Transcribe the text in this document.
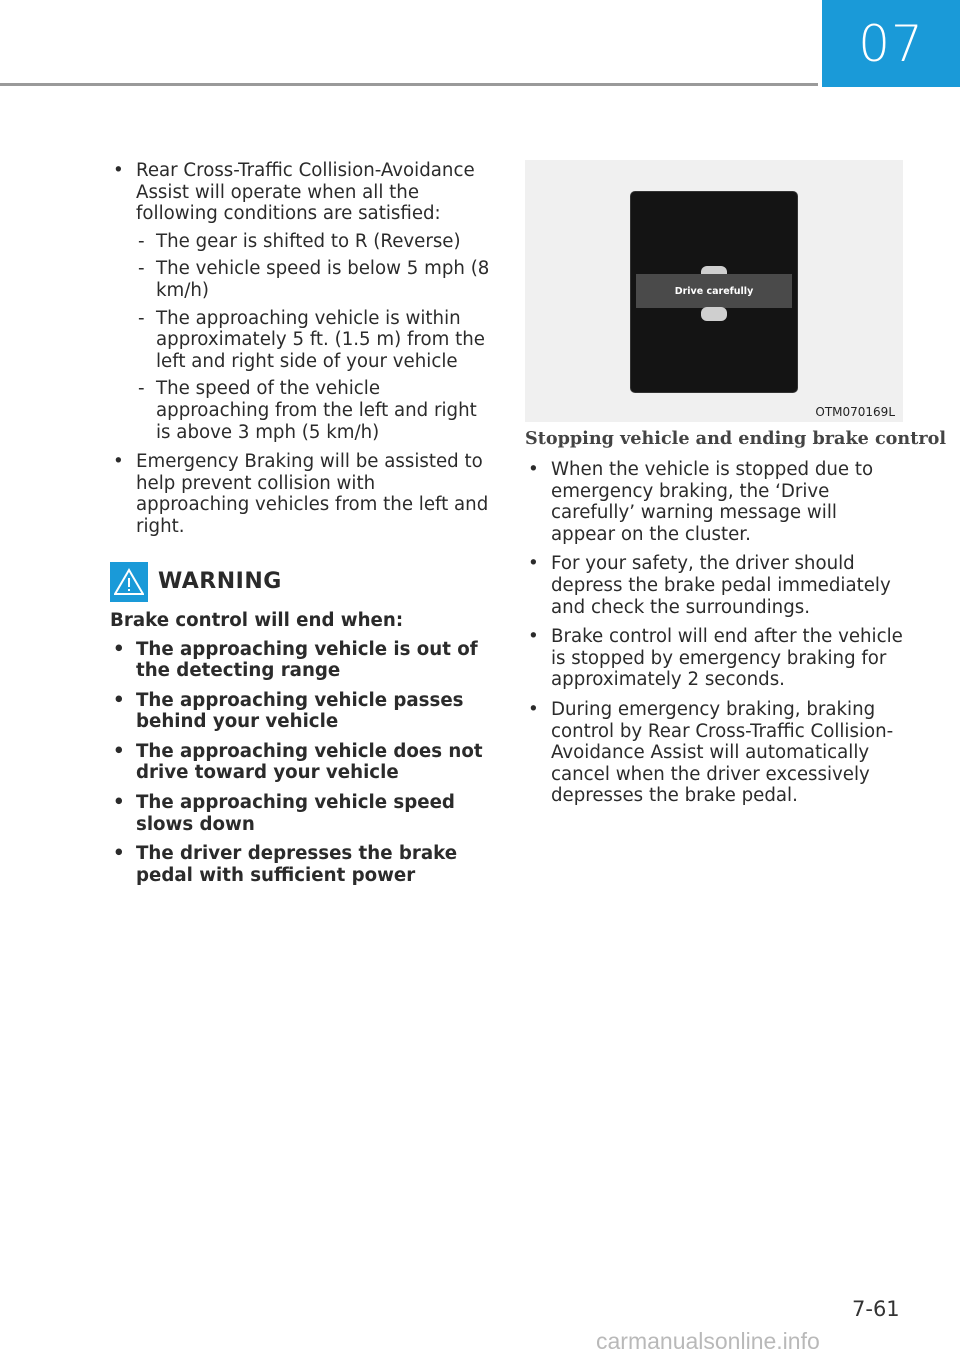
07
• Rear Cross-Traffic Collision-Avoidance Assist will operate when all the following conditions are satisfied:
- The gear is shifted to R (Reverse)
- The vehicle speed is below 5 mph (8 km/h)
- The approaching vehicle is within approximately 5 ft. (1.5 m) from the left and right side of your vehicle
- The speed of the vehicle approaching from the left and right is above 3 mph (5 km/h)
• Emergency Braking will be assisted to help prevent collision with approaching vehicles from the left and right.
WARNING

Brake control will end when:

• The approaching vehicle is out of the detecting range
• The approaching vehicle passes behind your vehicle
• The approaching vehicle does not drive toward your vehicle
• The approaching vehicle speed slows down
• The driver depresses the brake pedal with sufficient power
Drive carefully
OTM070169L
Stopping vehicle and ending brake control
• When the vehicle is stopped due to emergency braking, the ‘Drive carefully’ warning message will appear on the cluster.
• For your safety, the driver should depress the brake pedal immediately and check the surroundings.
• Brake control will end after the vehicle is stopped by emergency braking for approximately 2 seconds.
• During emergency braking, braking control by Rear Cross-Traffic Collision-Avoidance Assist will automatically cancel when the driver excessively depresses the brake pedal.
7-61
carmanualsonline.info
